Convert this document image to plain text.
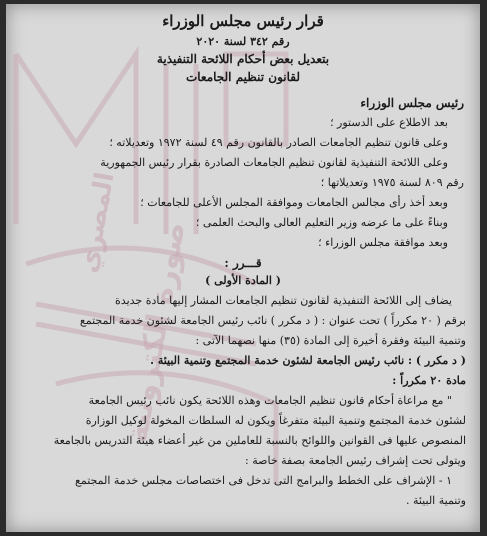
المصري
صورة إلكترونية
قرار رئيس مجلس الوزراء
رقم ٣٤٢ لسنة ٢٠٢٠
بتعديل بعض أحكام اللائحة التنفيذية
لقانون تنظيم الجامعات
رئيس مجلس الوزراء
بعد الاطلاع على الدستور ؛
وعلى قانون تنظيم الجامعات الصادر بالقانون رقم ٤٩ لسنة ١٩٧٢ وتعديلاته ؛
وعلى اللائحة التنفيذية لقانون تنظيم الجامعات الصادرة بقرار رئيس الجمهورية
رقم ٨٠٩ لسنة ١٩٧٥ وتعديلاتها ؛
وبعد أخذ رأى مجالس الجامعات وموافقة المجلس الأعلى للجامعات ؛
وبناءً على ما عرضه وزير التعليم العالى والبحث العلمى ؛
وبعد موافقة مجلس الوزراء ؛
قـــرر :
( المادة الأولى )
يضاف إلى اللائحة التنفيذية لقانون تنظيم الجامعات المشار إليها مادة جديدة
برقم ( ٢٠ مكرراً ) تحت عنوان : ( د مكرر ) نائب رئيس الجامعة لشئون خدمة المجتمع
وتنمية البيئة وفقرة أخيرة إلى المادة (٣٥) منها نصهما الآتى :
( د مكرر ) : نائب رئيس الجامعة لشئون خدمة المجتمع وتنمية البيئة .
مادة ٢٠ مكرراً :
" مع مراعاة أحكام قانون تنظيم الجامعات وهذه اللائحة يكون نائب رئيس الجامعة
لشئون خدمة المجتمع وتنمية البيئة متفرغاً ويكون له السلطات المخولة لوكيل الوزارة
المنصوص عليها فى القوانين واللوائح بالنسبة للعاملين من غير أعضاء هيئة التدريس بالجامعة
ويتولى تحت إشراف رئيس الجامعة بصفة خاصة :
١ - الإشراف على الخطط والبرامج التى تدخل فى اختصاصات مجلس خدمة المجتمع
وتنمية البيئة .
